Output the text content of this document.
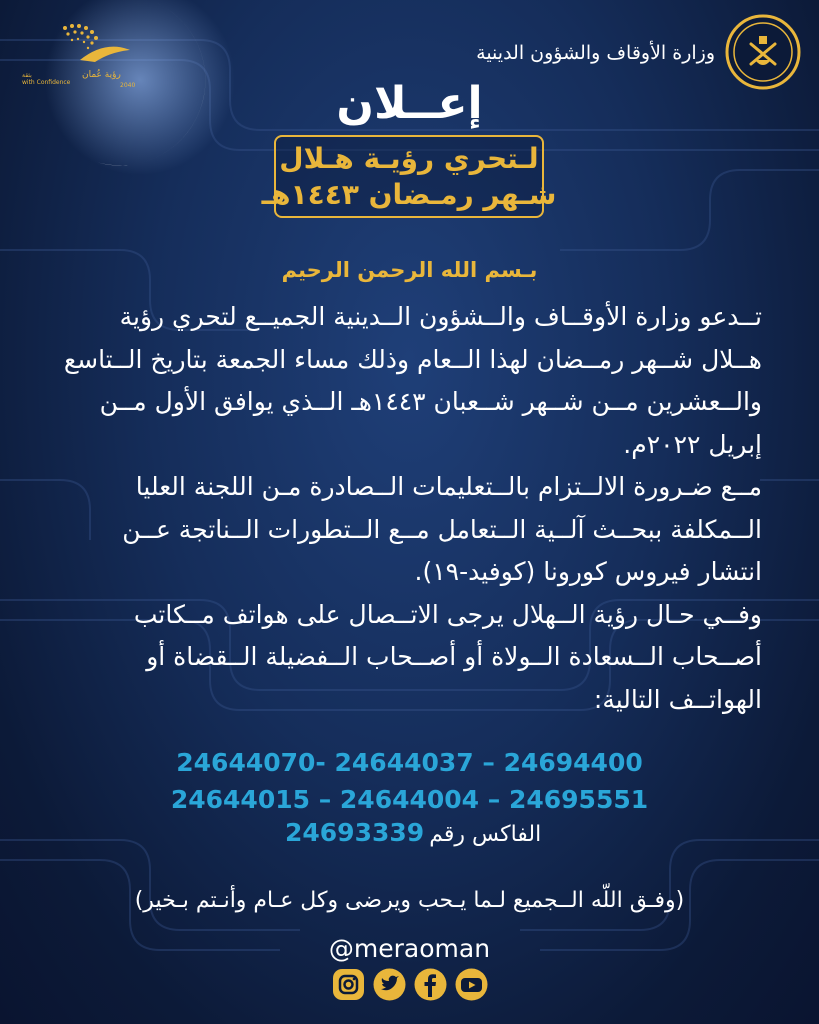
رؤية عُمان
بثقة
with Confidence	2040
وزارة الأوقاف والشؤون الدينية
إعــلان
لـتحري رؤيـة هـلال
شـهر رمـضان ١٤٤٣هـ
بـسم الله الرحمن الرحيم

تــدعو وزارة الأوقــاف والــشؤون الــدينية الجميــع لتحري رؤية هــلال شــهر رمــضان لهذا الــعام وذلك مساء الجمعة بتاريخ الــتاسع والــعشرين مــن شــهر شــعبان ١٤٤٣هـ الــذي يوافق الأول مــن إبريل ٢٠٢٢م.

مــع ضـرورة الالــتزام بالــتعليمات الــصادرة مـن اللجنة العليا الــمكلفة ببحــث آلــية الــتعامل مــع الــتطورات الــناتجة عــن انتشار فيروس كورونا (كوفيد-١٩).

وفــي حـال رؤية الــهلال يرجى الاتــصال على هواتف مــكاتب أصــحاب الــسعادة الــولاة أو أصــحاب الــفضيلة الــقضاة أو الهواتــف التالية:

24644070- 24644037 – 24694400
24644015 – 24644004 – 24695551
الفاكس رقم 24693339
(وفـق اللّه الــجميع لـما يـحب ويرضى وكل عـام وأنـتم بـخير)
@meraoman
